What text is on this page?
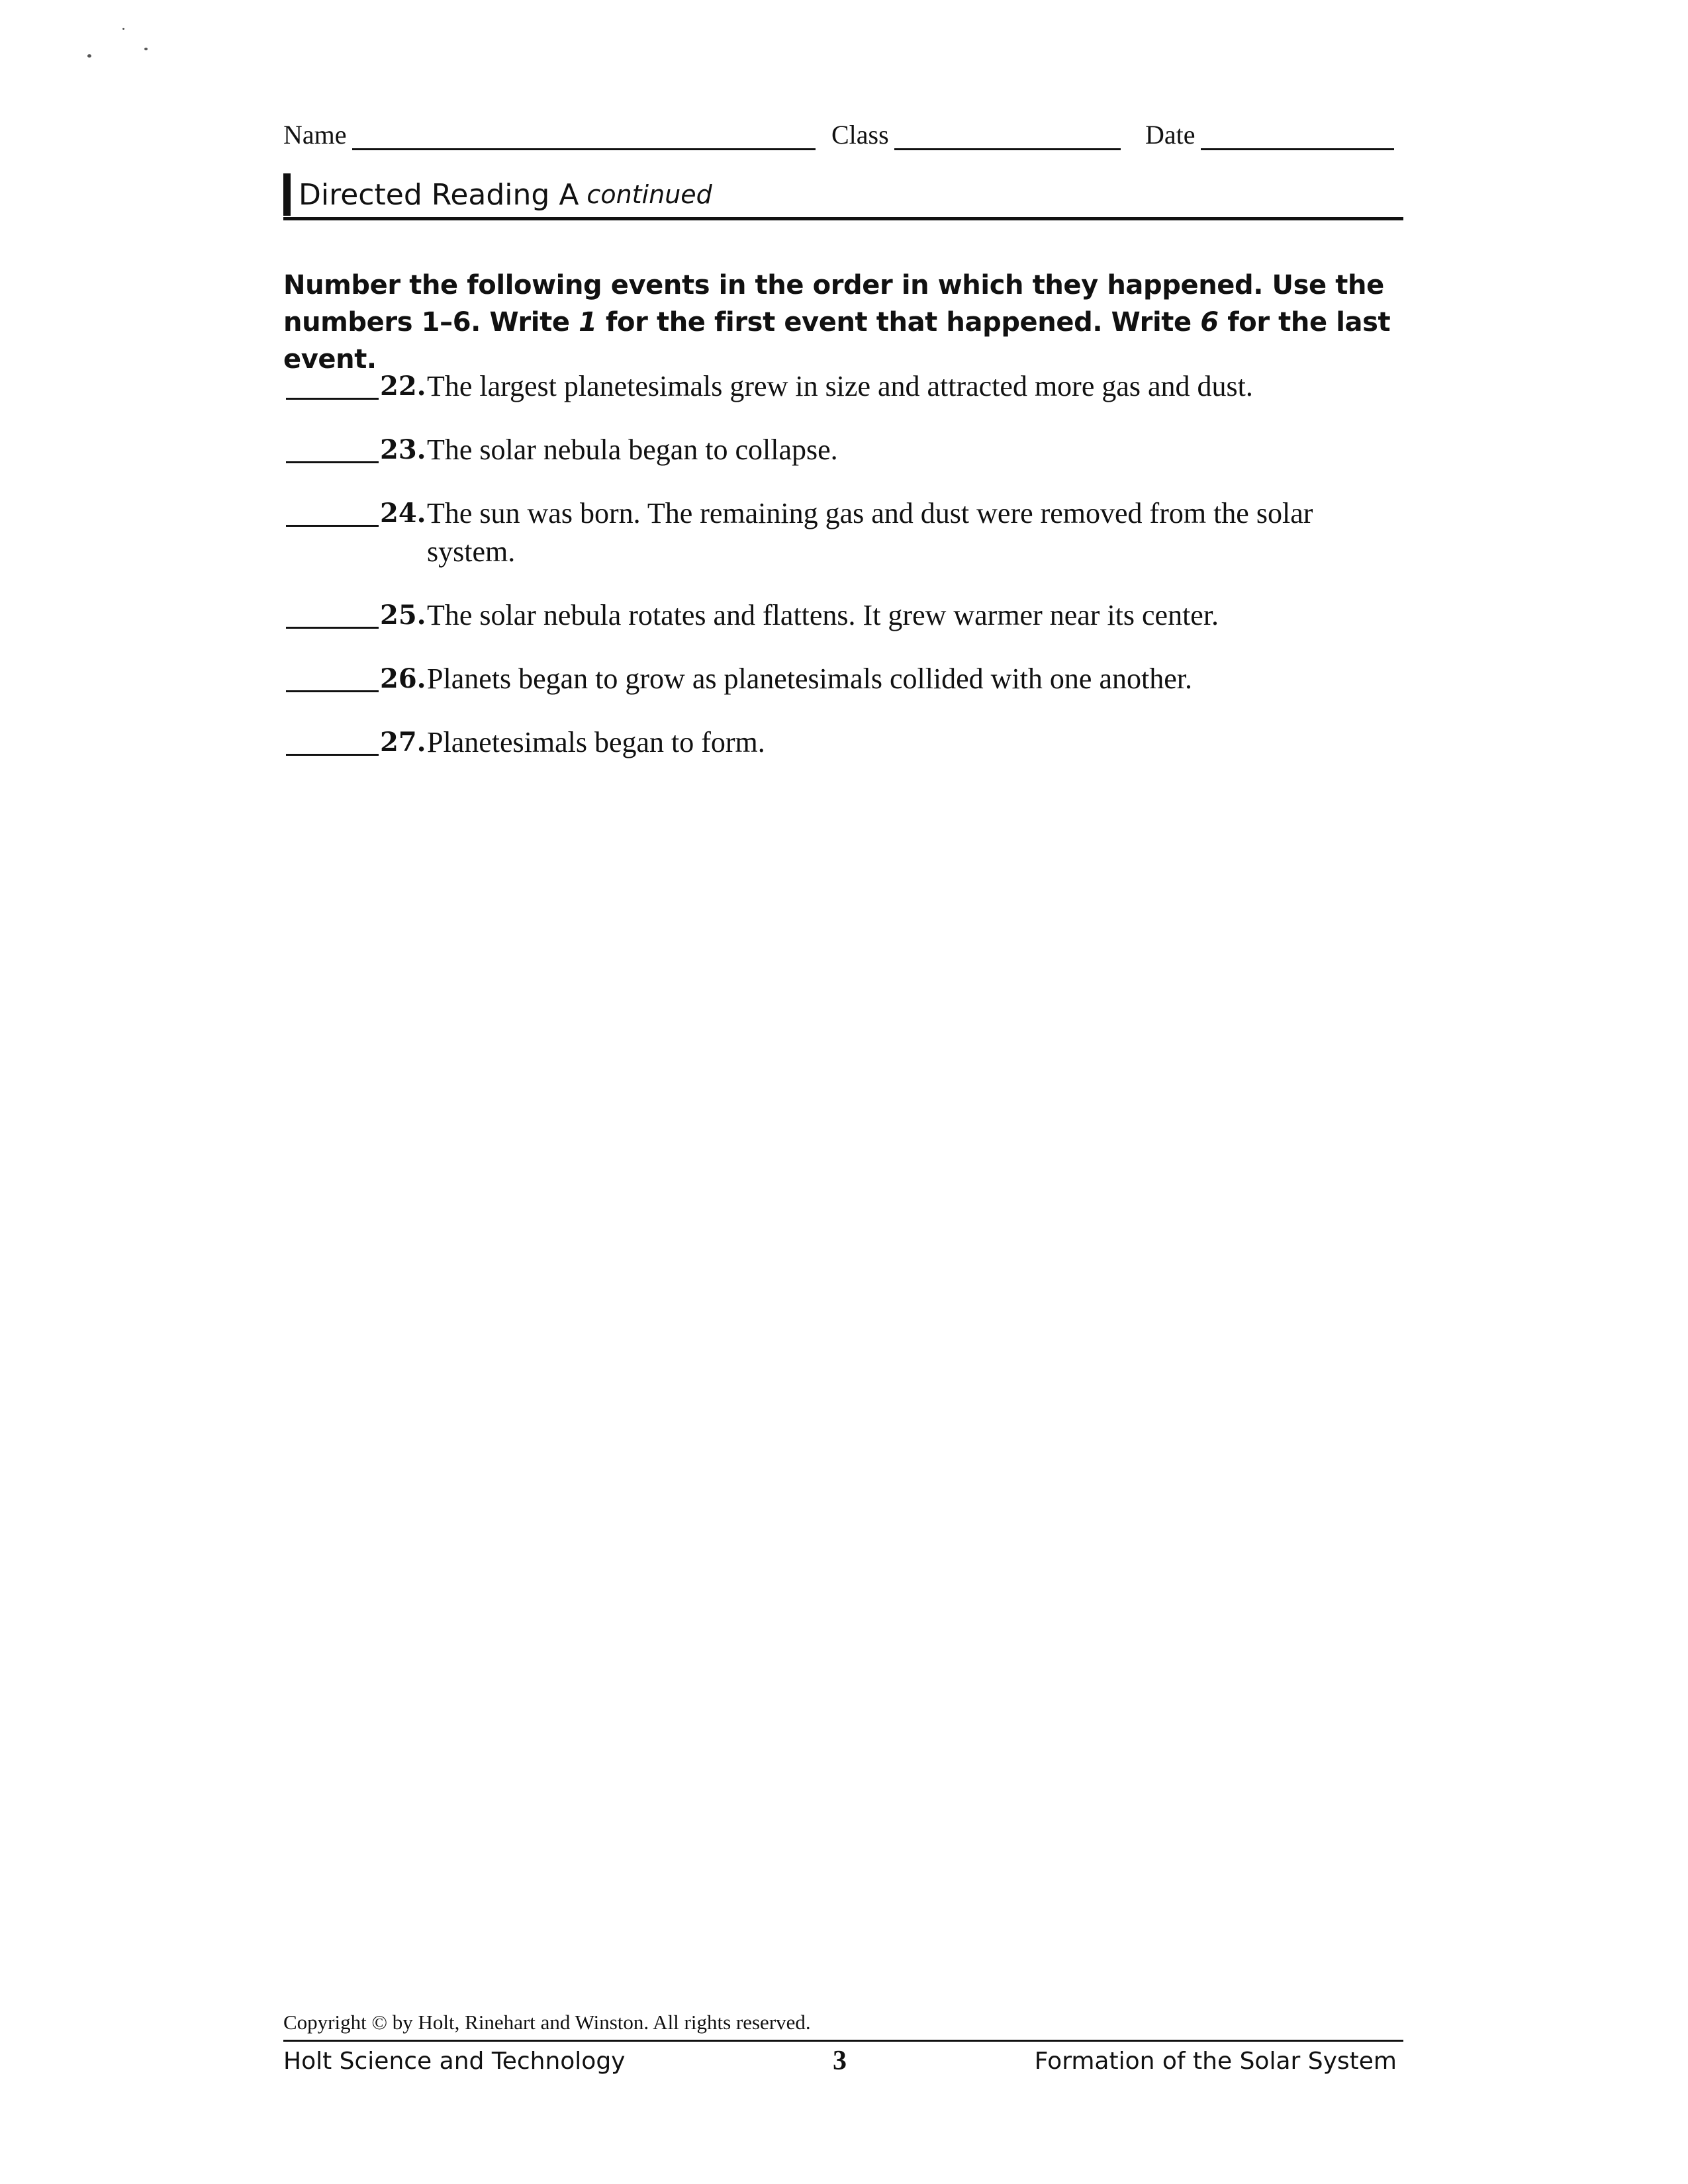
Name	Class	Date
Directed Reading A continued
Number the following events in the order in which they happened. Use the numbers 1–6. Write 1 for the first event that happened. Write 6 for the last event.
22. The largest planetesimals grew in size and attracted more gas and dust.
23. The solar nebula began to collapse.
24. The sun was born. The remaining gas and dust were removed from the solar system.
25. The solar nebula rotates and flattens. It grew warmer near its center.
26. Planets began to grow as planetesimals collided with one another.
27. Planetesimals began to form.
Copyright © by Holt, Rinehart and Winston. All rights reserved.
Holt Science and Technology	3	Formation of the Solar System
